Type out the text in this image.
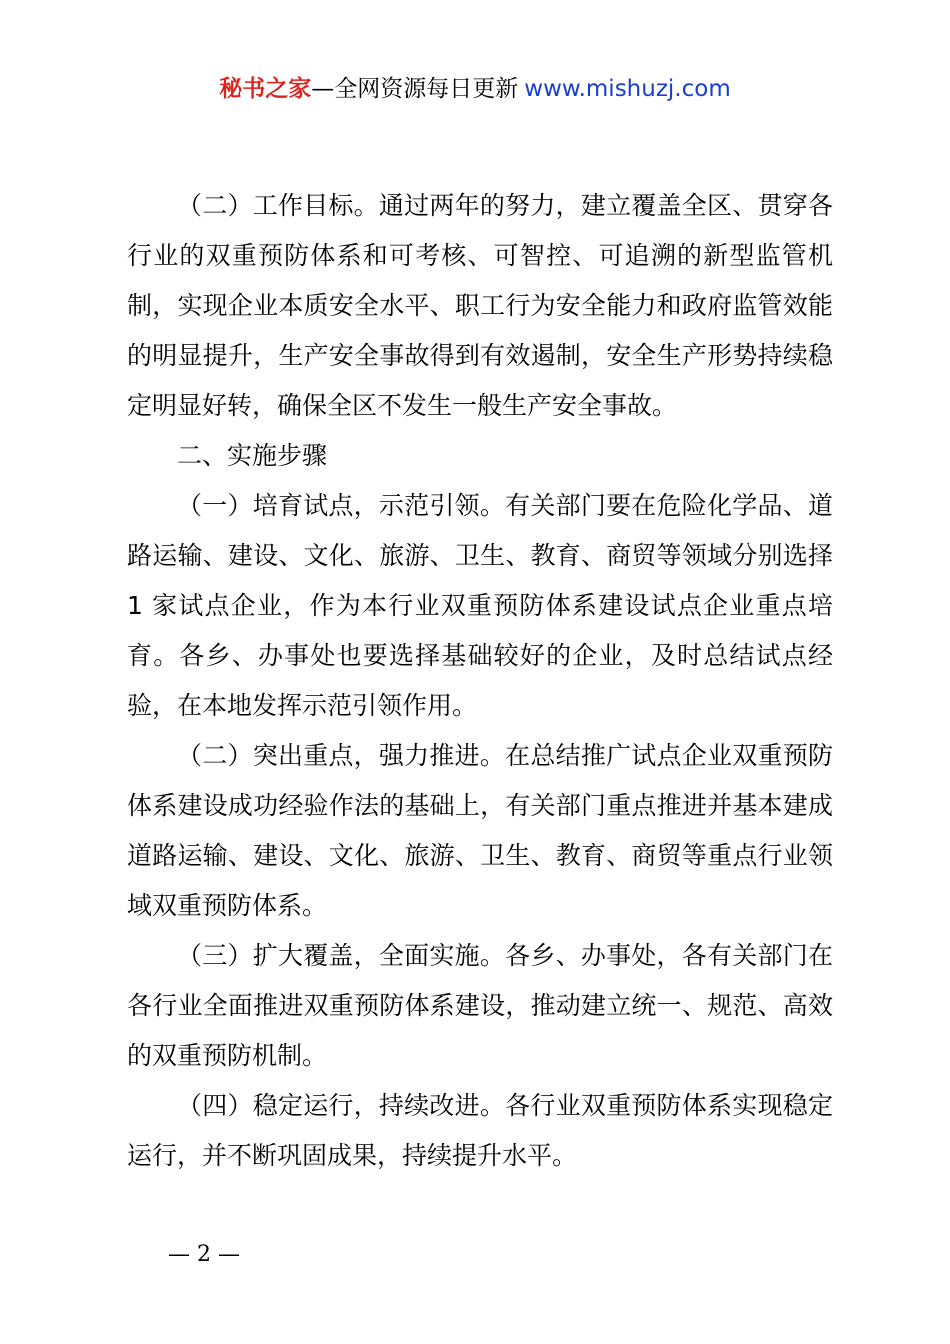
秘书之家—全网资源每日更新 www.mishuzj.com

（二）工作目标。通过两年的努力，建立覆盖全区、贯穿各行业的双重预防体系和可考核、可智控、可追溯的新型监管机制，实现企业本质安全水平、职工行为安全能力和政府监管效能的明显提升，生产安全事故得到有效遏制，安全生产形势持续稳定明显好转，确保全区不发生一般生产安全事故。

二、实施步骤

（一）培育试点，示范引领。有关部门要在危险化学品、道路运输、建设、文化、旅游、卫生、教育、商贸等领域分别选择 1 家试点企业，作为本行业双重预防体系建设试点企业重点培育。各乡、办事处也要选择基础较好的企业，及时总结试点经验，在本地发挥示范引领作用。

（二）突出重点，强力推进。在总结推广试点企业双重预防体系建设成功经验作法的基础上，有关部门重点推进并基本建成道路运输、建设、文化、旅游、卫生、教育、商贸等重点行业领域双重预防体系。

（三）扩大覆盖，全面实施。各乡、办事处，各有关部门在各行业全面推进双重预防体系建设，推动建立统一、规范、高效的双重预防机制。

（四）稳定运行，持续改进。各行业双重预防体系实现稳定运行，并不断巩固成果，持续提升水平。

— 2 —
